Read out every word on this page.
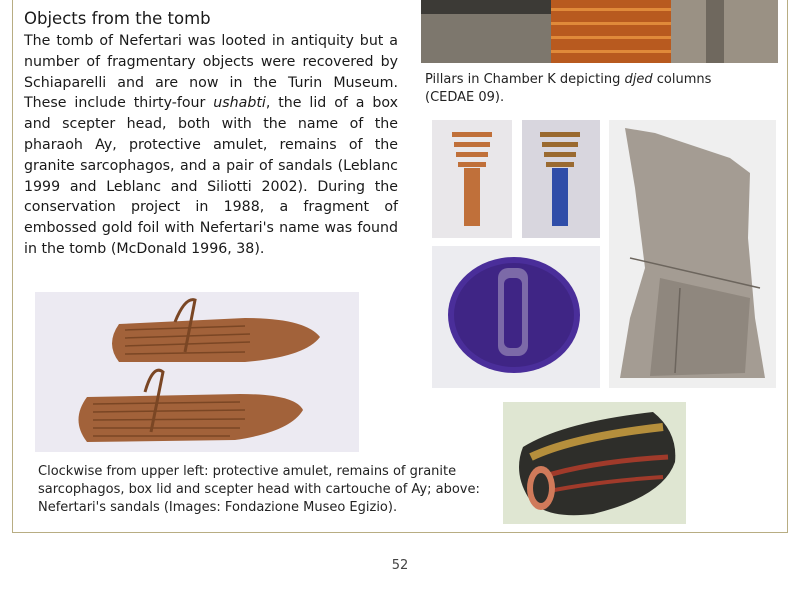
Objects from the tomb

The tomb of Nefertari was looted in antiquity but a number of fragmentary objects were recovered by Schiaparelli and are now in the Turin Museum. These include thirty-four ushabti, the lid of a box and scepter head, both with the name of the pharaoh Ay, protective amulet, remains of the granite sarcophagos, and a pair of sandals (Leblanc 1999 and Leblanc and Siliotti 2002). During the conservation project in 1988, a fragment of embossed gold foil with Nefertari's name was found in the tomb (McDonald 1996, 38).

Pillars in Chamber K depicting djed columns (CEDAE 09).
Clockwise from upper left: protective amulet, remains of granite sarcophagos, box lid and scepter head with cartouche of Ay; above: Nefertari's sandals (Images: Fondazione Museo Egizio).
52
